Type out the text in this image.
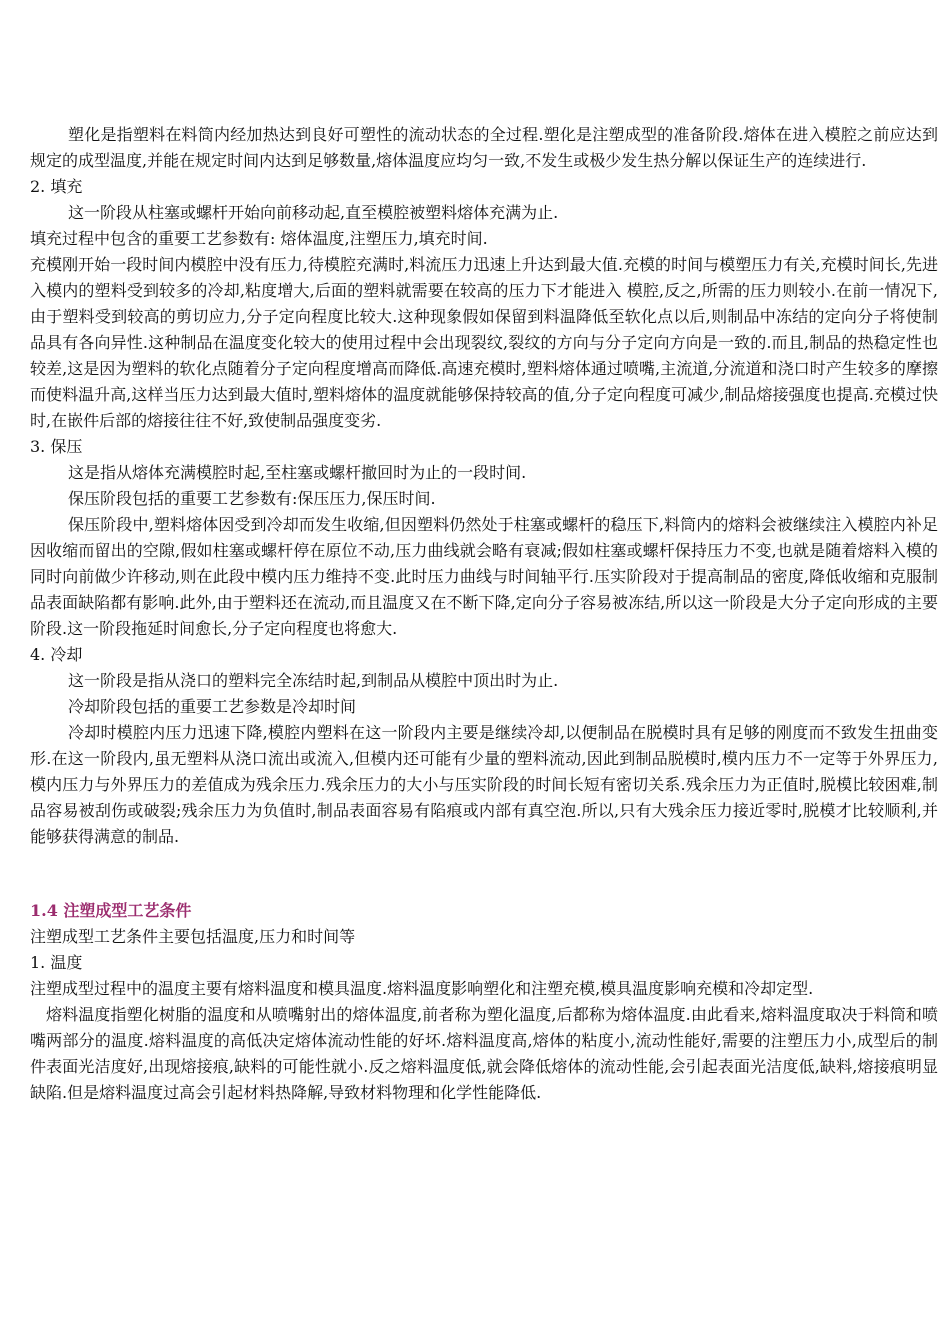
塑化是指塑料在料筒内经加热达到良好可塑性的流动状态的全过程.塑化是注塑成型的准备阶段.熔体在进入模腔之前应达到规定的成型温度,并能在规定时间内达到足够数量,熔体温度应均匀一致,不发生或极少发生热分解以保证生产的连续进行.

2. 填充

这一阶段从柱塞或螺杆开始向前移动起,直至模腔被塑料熔体充满为止.

填充过程中包含的重要工艺参数有: 熔体温度,注塑压力,填充时间.

充模刚开始一段时间内模腔中没有压力,待模腔充满时,料流压力迅速上升达到最大值.充模的时间与模塑压力有关,充模时间长,先进入模内的塑料受到较多的冷却,粘度增大,后面的塑料就需要在较高的压力下才能进入 模腔,反之,所需的压力则较小.在前一情况下,由于塑料受到较高的剪切应力,分子定向程度比较大.这种现象假如保留到料温降低至软化点以后,则制品中冻结的定向分子将使制品具有各向异性.这种制品在温度变化较大的使用过程中会出现裂纹,裂纹的方向与分子定向方向是一致的.而且,制品的热稳定性也较差,这是因为塑料的软化点随着分子定向程度增高而降低.高速充模时,塑料熔体通过喷嘴,主流道,分流道和浇口时产生较多的摩擦而使料温升高,这样当压力达到最大值时,塑料熔体的温度就能够保持较高的值,分子定向程度可减少,制品熔接强度也提高.充模过快时,在嵌件后部的熔接往往不好,致使制品强度变劣.

3. 保压

这是指从熔体充满模腔时起,至柱塞或螺杆撤回时为止的一段时间.

保压阶段包括的重要工艺参数有:保压压力,保压时间.

保压阶段中,塑料熔体因受到冷却而发生收缩,但因塑料仍然处于柱塞或螺杆的稳压下,料筒内的熔料会被继续注入模腔内补足因收缩而留出的空隙,假如柱塞或螺杆停在原位不动,压力曲线就会略有衰减;假如柱塞或螺杆保持压力不变,也就是随着熔料入模的同时向前做少许移动,则在此段中模内压力维持不变.此时压力曲线与时间轴平行.压实阶段对于提高制品的密度,降低收缩和克服制品表面缺陷都有影响.此外,由于塑料还在流动,而且温度又在不断下降,定向分子容易被冻结,所以这一阶段是大分子定向形成的主要阶段.这一阶段拖延时间愈长,分子定向程度也将愈大.

4. 冷却

这一阶段是指从浇口的塑料完全冻结时起,到制品从模腔中顶出时为止.

冷却阶段包括的重要工艺参数是冷却时间

冷却时模腔内压力迅速下降,模腔内塑料在这一阶段内主要是继续冷却,以便制品在脱模时具有足够的刚度而不致发生扭曲变形.在这一阶段内,虽无塑料从浇口流出或流入,但模内还可能有少量的塑料流动,因此到制品脱模时,模内压力不一定等于外界压力,模内压力与外界压力的差值成为残余压力.残余压力的大小与压实阶段的时间长短有密切关系.残余压力为正值时,脱模比较困难,制品容易被刮伤或破裂;残余压力为负值时,制品表面容易有陷痕或内部有真空泡.所以,只有大残余压力接近零时,脱模才比较顺利,并能够获得满意的制品.

1.4 注塑成型工艺条件

注塑成型工艺条件主要包括温度,压力和时间等

1. 温度

注塑成型过程中的温度主要有熔料温度和模具温度.熔料温度影响塑化和注塑充模,模具温度影响充模和冷却定型.

熔料温度指塑化树脂的温度和从喷嘴射出的熔体温度,前者称为塑化温度,后都称为熔体温度.由此看来,熔料温度取决于料筒和喷嘴两部分的温度.熔料温度的高低决定熔体流动性能的好坏.熔料温度高,熔体的粘度小,流动性能好,需要的注塑压力小,成型后的制件表面光洁度好,出现熔接痕,缺料的可能性就小.反之熔料温度低,就会降低熔体的流动性能,会引起表面光洁度低,缺料,熔接痕明显缺陷.但是熔料温度过高会引起材料热降解,导致材料物理和化学性能降低.
